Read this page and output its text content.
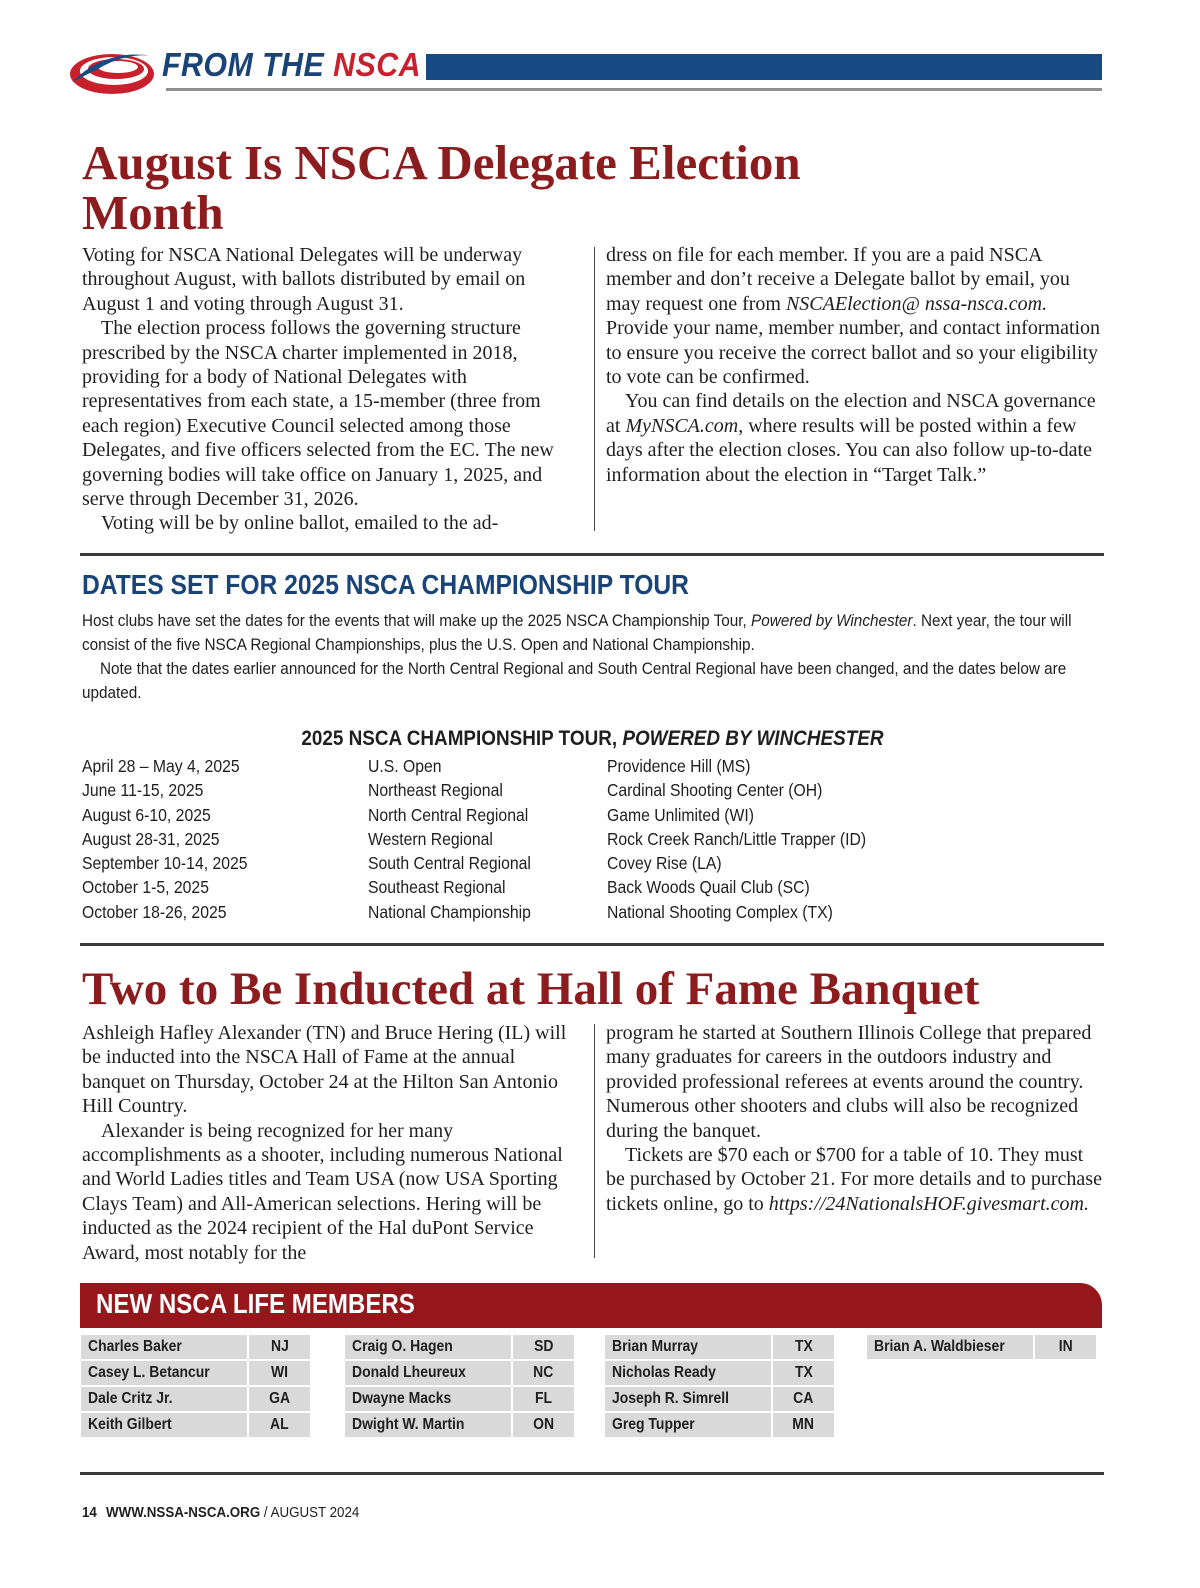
FROM THE NSCA
August Is NSCA Delegate Election Month

Voting for NSCA National Delegates will be underway throughout August, with ballots distributed by email on August 1 and voting through August 31.

The election process follows the governing structure prescribed by the NSCA charter implemented in 2018, providing for a body of National Delegates with representatives from each state, a 15-member (three from each region) Executive Council selected among those Delegates, and five officers selected from the EC. The new governing bodies will take office on January 1, 2025, and serve through December 31, 2026.

Voting will be by online ballot, emailed to the ad-

dress on file for each member. If you are a paid NSCA member and don’t receive a Delegate ballot by email, you may request one from NSCAElection@ nssa-nsca.com. Provide your name, member number, and contact information to ensure you receive the correct ballot and so your eligibility to vote can be confirmed.

You can find details on the election and NSCA governance at MyNSCA.com, where results will be posted within a few days after the election closes. You can also follow up-to-date information about the election in “Target Talk.”

DATES SET FOR 2025 NSCA CHAMPIONSHIP TOUR

Host clubs have set the dates for the events that will make up the 2025 NSCA Championship Tour, Powered by Winchester. Next year, the tour will consist of the five NSCA Regional Championships, plus the U.S. Open and National Championship.

Note that the dates earlier announced for the North Central Regional and South Central Regional have been changed, and the dates below are updated.

2025 NSCA CHAMPIONSHIP TOUR, POWERED BY WINCHESTER

April 28 – May 4, 2025	U.S. Open	Providence Hill (MS)
June 11-15, 2025	Northeast Regional	Cardinal Shooting Center (OH)
August 6-10, 2025	North Central Regional	Game Unlimited (WI)
August 28-31, 2025	Western Regional	Rock Creek Ranch/Little Trapper (ID)
September 10-14, 2025	South Central Regional	Covey Rise (LA)
October 1-5, 2025	Southeast Regional	Back Woods Quail Club (SC)
October 18-26, 2025	National Championship	National Shooting Complex (TX)
Two to Be Inducted at Hall of Fame Banquet

Ashleigh Hafley Alexander (TN) and Bruce Hering (IL) will be inducted into the NSCA Hall of Fame at the annual banquet on Thursday, October 24 at the Hilton San Antonio Hill Country.

Alexander is being recognized for her many accomplishments as a shooter, including numerous National and World Ladies titles and Team USA (now USA Sporting Clays Team) and All-American selections. Hering will be inducted as the 2024 recipient of the Hal duPont Service Award, most notably for the

program he started at Southern Illinois College that prepared many graduates for careers in the outdoors industry and provided professional referees at events around the country. Numerous other shooters and clubs will also be recognized during the banquet.

Tickets are $70 each or $700 for a table of 10. They must be purchased by October 21. For more details and to purchase tickets online, go to https://24NationalsHOF.givesmart.com.

NEW NSCA LIFE MEMBERS
Charles Baker	NJ
Casey L. Betancur	WI
Dale Critz Jr.	GA
Keith Gilbert	AL
Craig O. Hagen	SD
Donald Lheureux	NC
Dwayne Macks	FL
Dwight W. Martin	ON
Brian Murray	TX
Nicholas Ready	TX
Joseph R. Simrell	CA
Greg Tupper	MN
Brian A. Waldbieser	IN
14 WWW.NSSA-NSCA.ORG / AUGUST 2024
